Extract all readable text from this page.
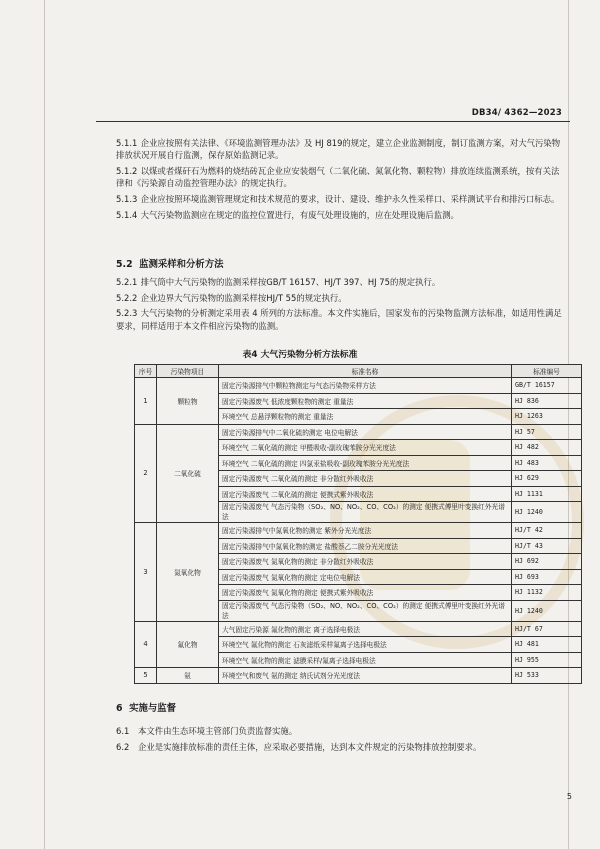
DB34/ 4362—2023

5.1.1 企业应按照有关法律、《环境监测管理办法》及 HJ 819的规定，建立企业监测制度，制订监测方案，对大气污染物排放状况开展自行监测，保存原始监测记录。

5.1.2 以煤或者煤矸石为燃料的烧结砖瓦企业应安装烟气（二氧化硫、氮氧化物、颗粒物）排放连续监测系统，按有关法律和《污染源自动监控管理办法》的规定执行。

5.1.3 企业应按照环境监测管理规定和技术规范的要求，设计、建设、维护永久性采样口、采样测试平台和排污口标志。

5.1.4 大气污染物监测应在规定的监控位置进行，有废气处理设施的，应在处理设施后监测。

5.2 监测采样和分析方法

5.2.1 排气筒中大气污染物的监测采样按GB/T 16157、HJ/T 397、HJ 75的规定执行。

5.2.2 企业边界大气污染物的监测采样按HJ/T 55的规定执行。

5.2.3 大气污染物的分析测定采用表 4 所列的方法标准。本文件实施后，国家发布的污染物监测方法标准，如适用性满足要求，同样适用于本文件相应污染物的监测。

表4 大气污染物分析方法标准
序号	污染物项目	标准名称	标准编号
1	颗粒物	固定污染源排气中颗粒物测定与气态污染物采样方法	GB/T 16157
		固定污染源废气 低浓度颗粒物的测定 重量法	HJ 836
		环境空气 总悬浮颗粒物的测定 重量法	HJ 1263
2	二氧化硫	固定污染源排气中二氧化硫的测定 电位电解法	HJ 57
		环境空气 二氧化硫的测定 甲醛吸收-副玫瑰苯胺分光光度法	HJ 482
		环境空气 二氧化硫的测定 四氯汞盐吸收-副玫瑰苯胺分光光度法	HJ 483
		固定污染源废气 二氧化硫的测定 非分散红外吸收法	HJ 629
		固定污染源废气 二氧化硫的测定 便携式紫外吸收法	HJ 1131
		固定污染源废气 气态污染物（SO₂、NO、NO₂、CO、CO₂）的测定 便携式傅里叶变换红外光谱法	HJ 1240
3	氮氧化物	固定污染源排气中氮氧化物的测定 紫外分光光度法	HJ/T 42
		固定污染源排气中氮氧化物的测定 盐酸萘乙二胺分光光度法	HJ/T 43
		固定污染源废气 氮氧化物的测定 非分散红外吸收法	HJ 692
		固定污染源废气 氮氧化物的测定 定电位电解法	HJ 693
		固定污染源废气 氮氧化物的测定 便携式紫外吸收法	HJ 1132
		固定污染源废气 气态污染物（SO₂、NO、NO₂、CO、CO₂）的测定 便携式傅里叶变换红外光谱法	HJ 1240
4	氟化物	大气固定污染源 氟化物的测定 离子选择电极法	HJ/T 67
		环境空气 氟化物的测定 石灰滤纸采样氟离子选择电极法	HJ 481
		环境空气 氟化物的测定 滤膜采样/氟离子选择电极法	HJ 955
5	氨	环境空气和废气 氨的测定 纳氏试剂分光光度法	HJ 533
6 实施与监督

6.1 本文件由生态环境主管部门负责监督实施。

6.2 企业是实施排放标准的责任主体，应采取必要措施，达到本文件规定的污染物排放控制要求。

5
